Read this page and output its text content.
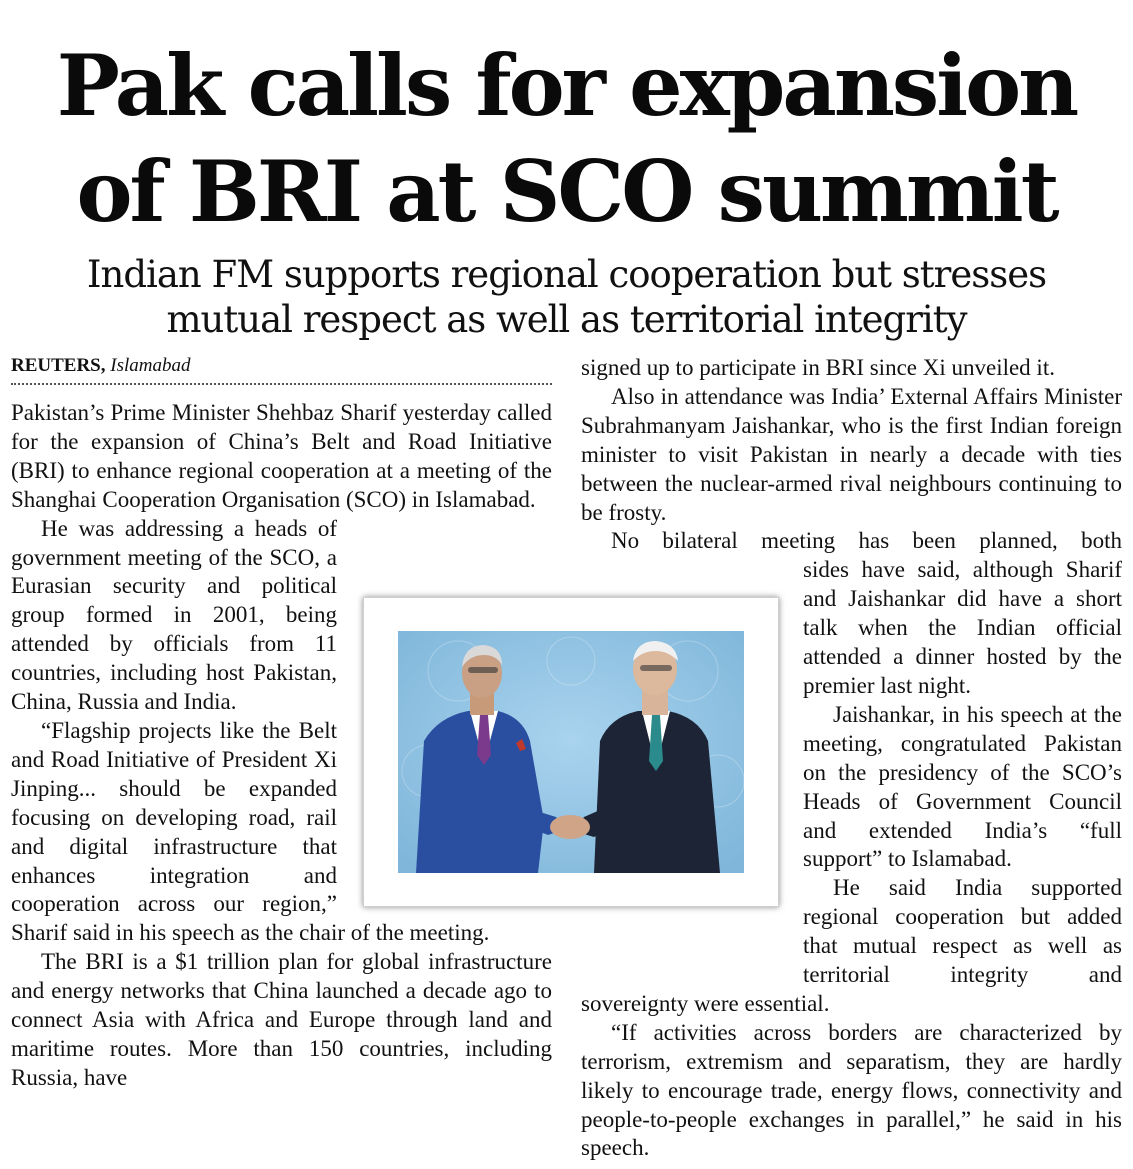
Pak calls for expansion
of BRI at SCO summit
Indian FM supports regional cooperation but stresses
mutual respect as well as territorial integrity
REUTERS, Islamabad

Pakistan’s Prime Minister Shehbaz Sharif yesterday called for the expansion of China’s Belt and Road Initiative (BRI) to enhance regional cooperation at a meeting of the Shanghai Cooperation Organisation (SCO) in Islamabad.

He was addressing a heads of government meeting of the SCO, a Eurasian security and political group formed in 2001, being attended by officials from 11 countries, including host Pakistan, China, Russia and India.

“Flagship projects like the Belt and Road Initiative of President Xi Jinping... should be expanded focusing on developing road, rail and digital infrastructure that enhances integration and cooperation across our region,” Sharif said in his speech as the chair of the meeting.

The BRI is a $1 trillion plan for global infrastructure and energy networks that China launched a decade ago to connect Asia with Africa and Europe through land and maritime routes. More than 150 countries, including Russia, have

signed up to participate in BRI since Xi unveiled it.

Also in attendance was India’ External Affairs Minister Subrahmanyam Jaishankar, who is the first Indian foreign minister to visit Pakistan in nearly a decade with ties between the nuclear-armed rival neighbours continuing to be frosty.

No bilateral meeting has been planned, both
sides have said, although Sharif and Jaishankar did have a short talk when the Indian official attended a dinner hosted by the premier last night.

Jaishankar, in his speech at the meeting, congratulated Pakistan on the presidency of the SCO’s Heads of Government Council and extended India’s “full support” to Islamabad.

He said India supported regional cooperation but added that mutual respect as well as territorial integrity and sovereignty were essential.

“If activities across borders are characterized by terrorism, extremism and separatism, they are hardly likely to encourage trade, energy flows, connectivity and people-to-people exchanges in parallel,” he said in his speech.
